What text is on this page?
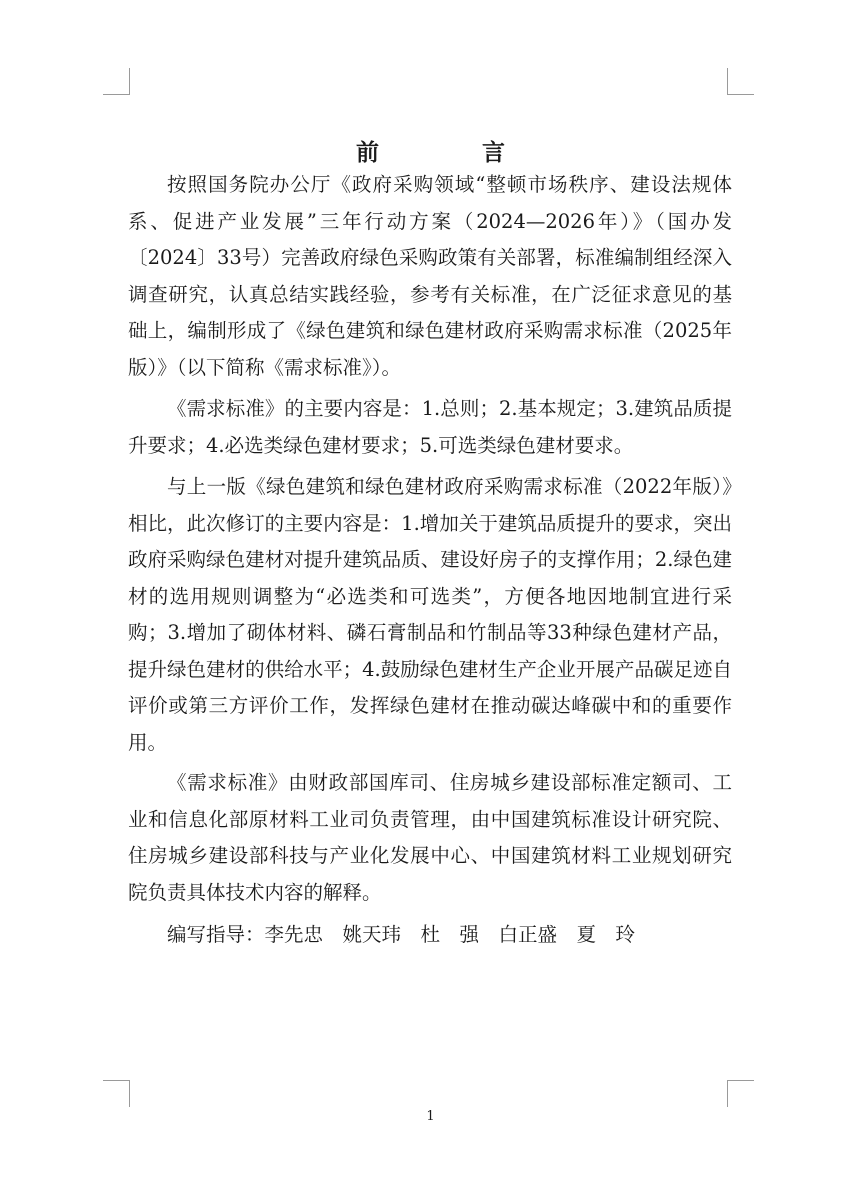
前　言

按照国务院办公厅《政府采购领域“整顿市场秩序、建设法规体系、促进产业发展”三年行动方案（2024—2026年）》（国办发〔2024〕33号）完善政府绿色采购政策有关部署，标准编制组经深入调查研究，认真总结实践经验，参考有关标准，在广泛征求意见的基础上，编制形成了《绿色建筑和绿色建材政府采购需求标准（2025年版）》（以下简称《需求标准》）。

《需求标准》的主要内容是：1.总则；2.基本规定；3.建筑品质提升要求；4.必选类绿色建材要求；5.可选类绿色建材要求。

与上一版《绿色建筑和绿色建材政府采购需求标准（2022年版）》相比，此次修订的主要内容是：1.增加关于建筑品质提升的要求，突出政府采购绿色建材对提升建筑品质、建设好房子的支撑作用；2.绿色建材的选用规则调整为“必选类和可选类”，方便各地因地制宜进行采购；3.增加了砌体材料、磷石膏制品和竹制品等33种绿色建材产品，提升绿色建材的供给水平；4.鼓励绿色建材生产企业开展产品碳足迹自评价或第三方评价工作，发挥绿色建材在推动碳达峰碳中和的重要作用。

《需求标准》由财政部国库司、住房城乡建设部标准定额司、工业和信息化部原材料工业司负责管理，由中国建筑标准设计研究院、住房城乡建设部科技与产业化发展中心、中国建筑材料工业规划研究院负责具体技术内容的解释。

编写指导：李先忠　姚天玮　杜　强　白正盛　夏　玲

1
